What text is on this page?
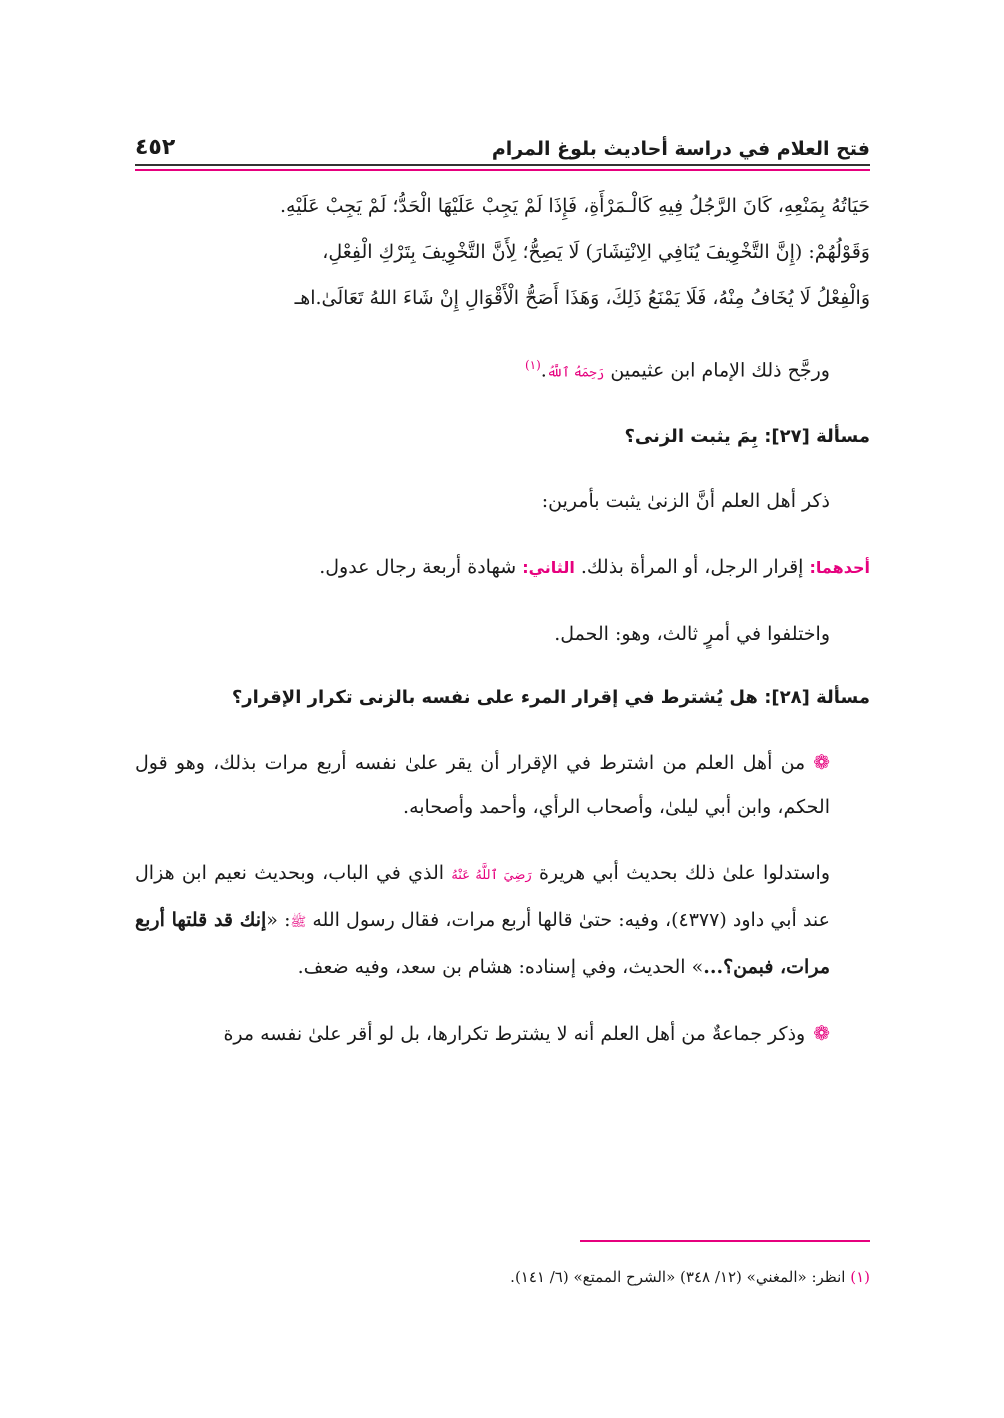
فتح العلام في دراسة أحاديث بلوغ المرام
٤٥٢
حَيَاتُهُ بِمَنْعِهِ، كَانَ الرَّجُلُ فِيهِ كَالْـمَرْأَةِ، فَإِذَا لَمْ يَجِبْ عَلَيْهَا الْحَدُّ؛ لَمْ يَجِبْ عَلَيْهِ.
وَقَوْلُهُمْ: (إِنَّ التَّخْوِيفَ يُنَافِي الِانْتِشَارَ) لَا يَصِحُّ؛ لِأَنَّ التَّخْوِيفَ بِتَرْكِ الْفِعْلِ،
وَالْفِعْلُ لَا يُخَافُ مِنْهُ، فَلَا يَمْنَعُ ذَلِكَ، وَهَذَا أَصَحُّ الْأَقْوَالِ إِنْ شَاءَ اللهُ تَعَالَىٰ.اهـ

ورجَّح ذلك الإمام ابن عثيمين رَحِمَهُ ٱللَّهُ.$^{(١)}$

مسألة [٢٧]: بِمَ يثبت الزنى؟

ذكر أهل العلم أنَّ الزنىٰ يثبت بأمرين:

أحدهما: إقرار الرجل، أو المرأة بذلك. الثاني: شهادة أربعة رجال عدول.

واختلفوا في أمرٍ ثالث، وهو: الحمل.

مسألة [٢٨]: هل يُشترط في إقرار المرء على نفسه بالزنى تكرار الإقرار؟

❁من أهل العلم من اشترط في الإقرار أن يقر علىٰ نفسه أربع مرات بذلك، وهو قول الحكم، وابن أبي ليلىٰ، وأصحاب الرأي، وأحمد وأصحابه.

واستدلوا علىٰ ذلك بحديث أبي هريرة رَضِيَ ٱللَّهُ عَنْهُ الذي في الباب، وبحديث نعيم ابن هزال عند أبي داود (٤٣٧٧)، وفيه: حتىٰ قالها أربع مرات، فقال رسول الله ﷺ: «إنك قد قلتها أربع مرات، فبمن؟...» الحديث، وفي إسناده: هشام بن سعد، وفيه ضعف.

❁وذكر جماعةٌ من أهل العلم أنه لا يشترط تكرارها، بل لو أقر علىٰ نفسه مرة

(١) انظر: «المغني» (١٢/ ٣٤٨) «الشرح الممتع» (٦/ ١٤١).
